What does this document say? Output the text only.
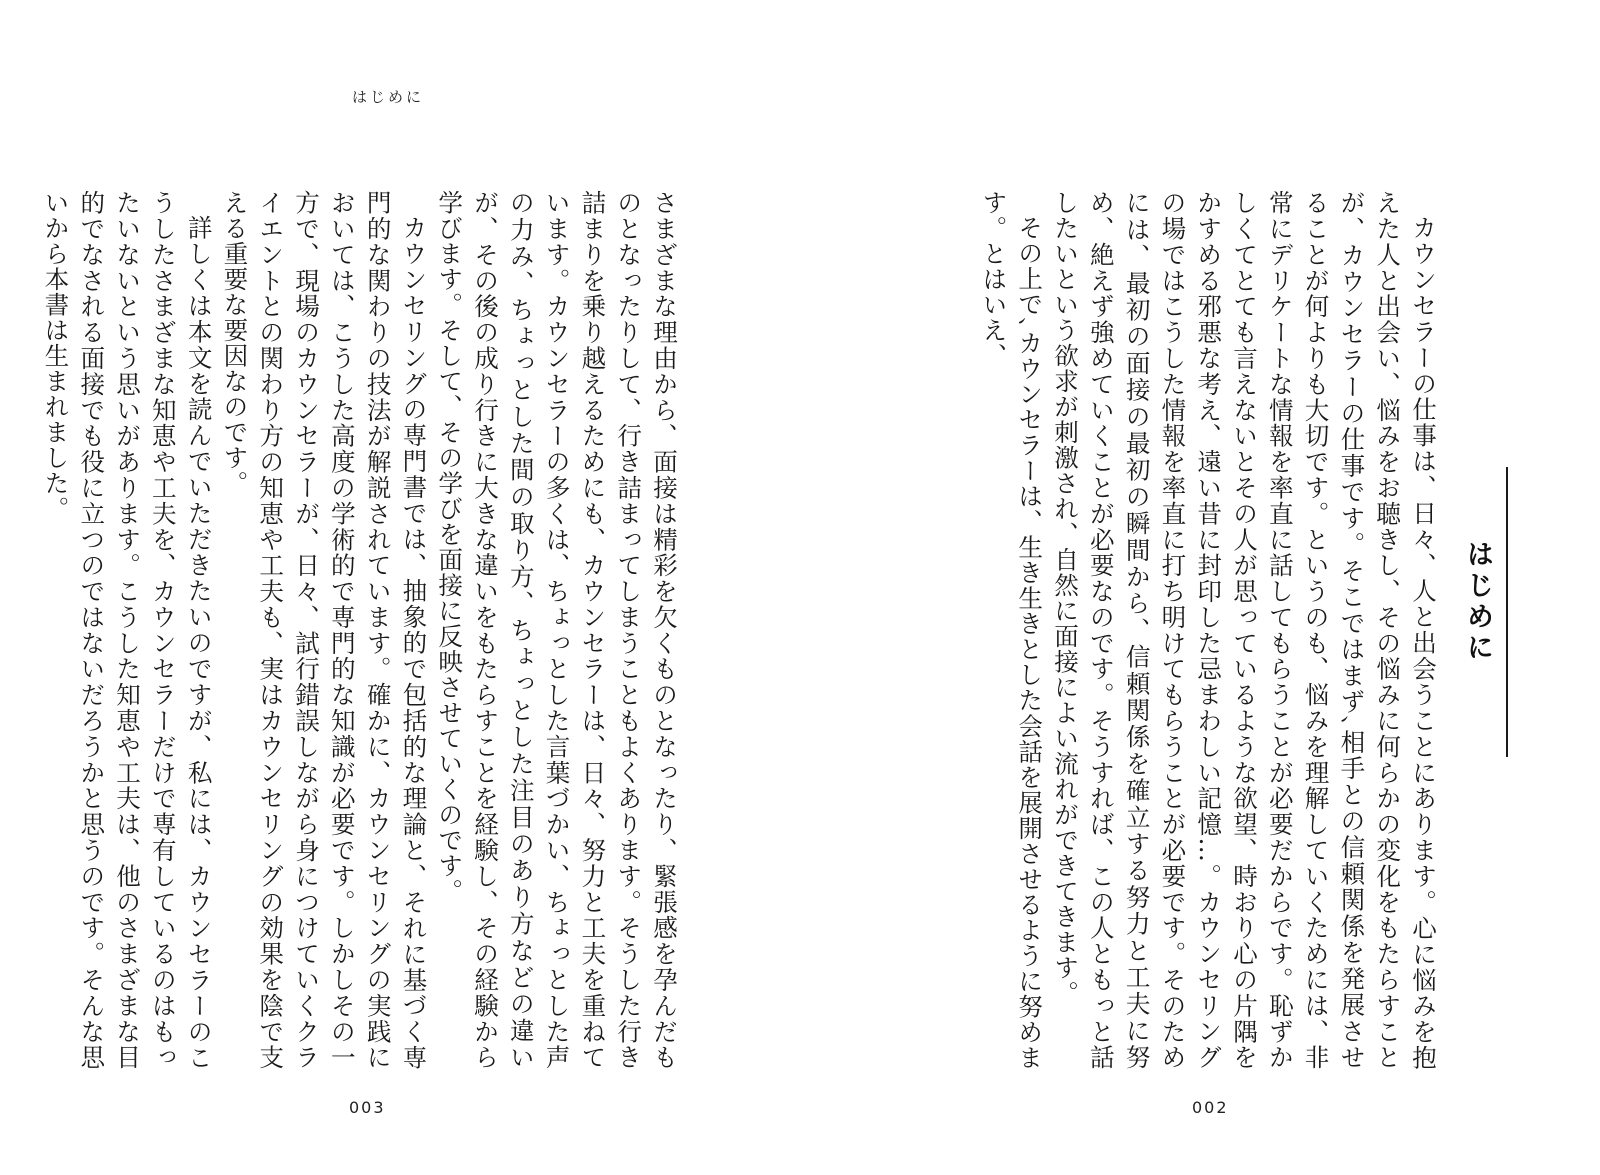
はじめに

さまざまな理由から、面接は精彩を欠くものとなったり、緊張感を孕んだものとなったりして、行き詰まってしまうこともよくあります。そうした行き詰まりを乗り越えるためにも、カウンセラーは、日々、努力と工夫を重ねています。カウンセラーの多くは、ちょっとした言葉づかい、ちょっとした声の力み、ちょっとした間の取り方、ちょっとした注目のあり方などの違いが、その後の成り行きに大きな違いをもたらすことを経験し、その経験から学びます。そして、その学びを面接に反映させていくのです。

カウンセリングの専門書では、抽象的で包括的な理論と、それに基づく専門的な関わりの技法が解説されています。確かに、カウンセリングの実践においては、こうした高度の学術的で専門的な知識が必要です。しかしその一方で、現場のカウンセラーが、日々、試行錯誤しながら身につけていくクライエントとの関わり方の知恵や工夫も、実はカウンセリングの効果を陰で支える重要な要因なのです。

詳しくは本文を読んでいただきたいのですが、私には、カウンセラーのこうしたさまざまな知恵や工夫を、カウンセラーだけで専有しているのはもったいないという思いがあります。こうした知恵や工夫は、他のさまざまな目的でなされる面接でも役に立つのではないだろうかと思うのです。そんな思いから本書は生まれました。

003

カウンセラーの仕事は、日々、人と出会うことにあります。心に悩みを抱えた人と出会い、悩みをお聴きし、その悩みに何らかの変化をもたらすことが、カウンセラーの仕事です。そこではまず､相手との信頼関係を発展させることが何よりも大切です。というのも、悩みを理解していくためには、非常にデリケートな情報を率直に話してもらうことが必要だからです。恥ずかしくてとても言えないとその人が思っているような欲望、時おり心の片隅をかすめる邪悪な考え、遠い昔に封印した忌まわしい記憶…。カウンセリングの場ではこうした情報を率直に打ち明けてもらうことが必要です。そのためには、最初の面接の最初の瞬間から、信頼関係を確立する努力と工夫に努め、絶えず強めていくことが必要なのです。そうすれば、この人ともっと話したいという欲求が刺激され、自然に面接によい流れができてきます。

その上で､カウンセラーは、生き生きとした会話を展開させるように努めます。とはいえ、

はじめに
002
